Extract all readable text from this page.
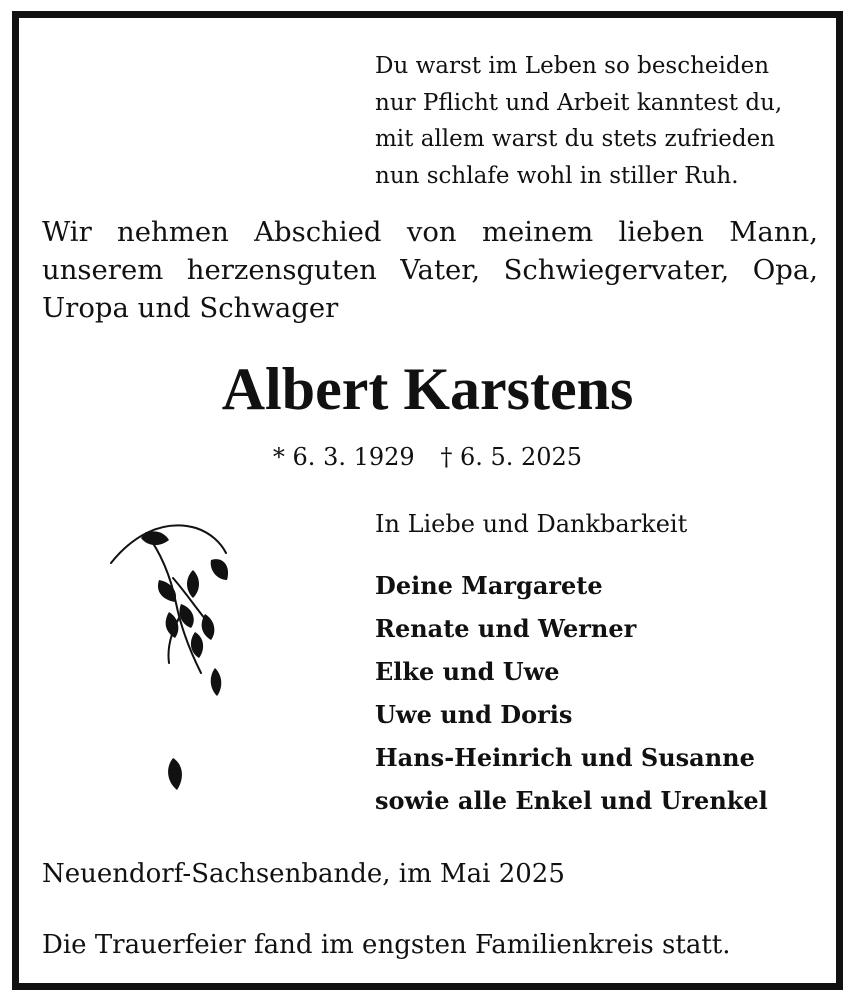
Du warst im Leben so bescheiden
nur Pflicht und Arbeit kanntest du,
mit allem warst du stets zufrieden
nun schlafe wohl in stiller Ruh.
Wir nehmen Abschied von meinem lieben Mann, unserem herzensguten Vater, Schwiegervater, Opa, Uropa und Schwager
Albert Karstens
* 6. 3. 1929 † 6. 5. 2025
In Liebe und Dankbarkeit
Deine Margarete
Renate und Werner
Elke und Uwe
Uwe und Doris
Hans-Heinrich und Susanne
sowie alle Enkel und Urenkel
Neuendorf-Sachsenbande, im Mai 2025
Die Trauerfeier fand im engsten Familienkreis statt.
